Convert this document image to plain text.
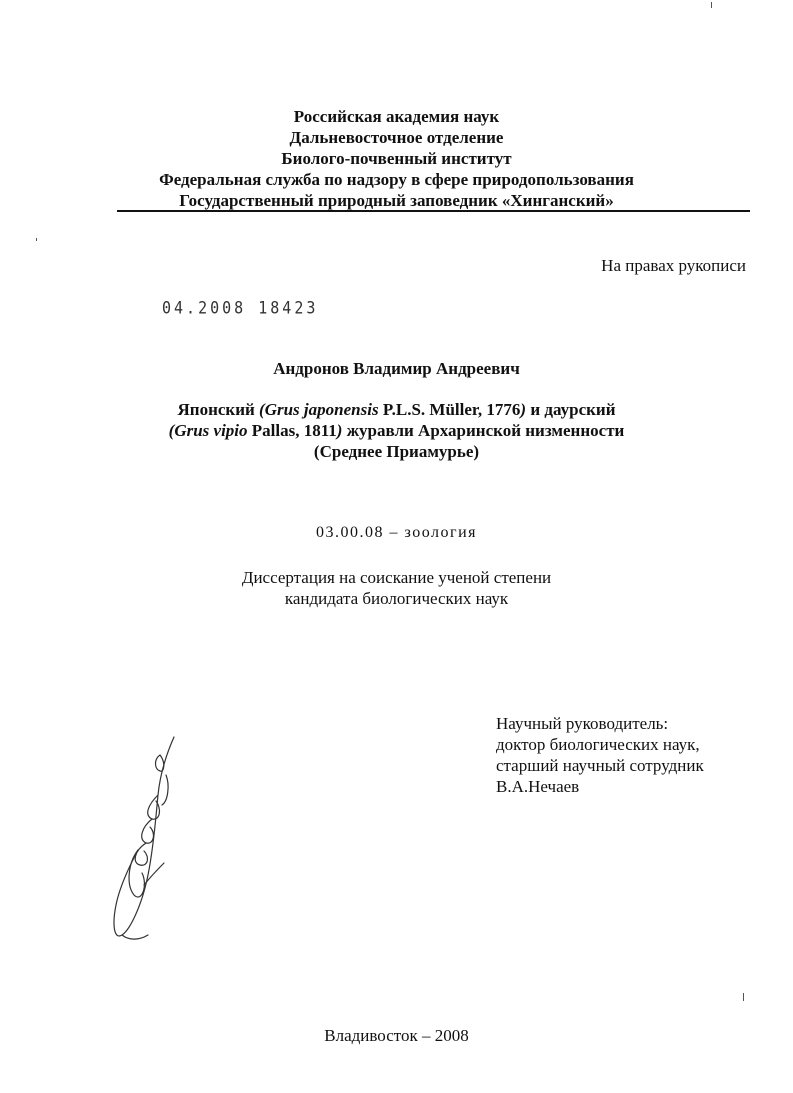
Российская академия наук
Дальневосточное отделение
Биолого-почвенный институт
Федеральная служба по надзору в сфере природопользования
Государственный природный заповедник «Хинганский»
На правах рукописи
04.2008 18423
Андронов Владимир Андреевич
Японский (Grus japonensis P.L.S. Müller, 1776) и даурский
(Grus vipio Pallas, 1811) журавли Архаринской низменности
(Среднее Приамурье)
03.00.08 – зоология
Диссертация на соискание ученой степени
кандидата биологических наук
Научный руководитель:
доктор биологических наук,
старший научный сотрудник
В.А.Нечаев
Владивосток – 2008
